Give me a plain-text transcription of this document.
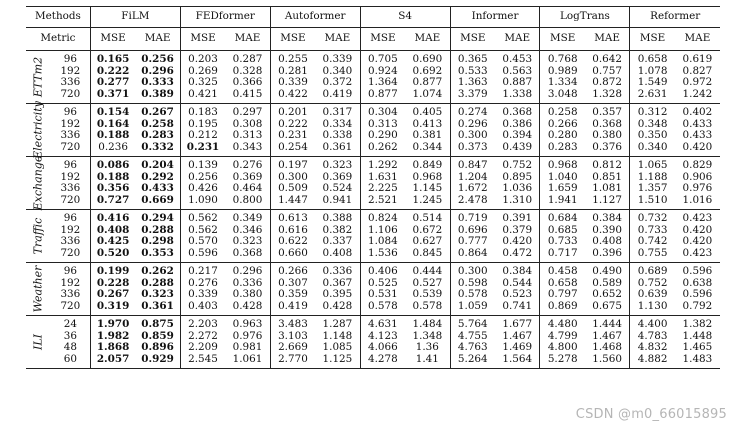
Methods		FiLM		FEDformer		Autoformer		S4		Informer		LogTrans		Reformer	
Metric		MSE	MAE	MSE	MAE	MSE	MAE	MSE	MAE	MSE	MAE	MSE	MAE	MSE	MAE

ETTm2	96	0.165	0.256	0.203	0.287	0.255	0.339	0.705	0.690	0.365	0.453	0.768	0.642	0.658	0.619
	192	0.222	0.296	0.269	0.328	0.281	0.340	0.924	0.692	0.533	0.563	0.989	0.757	1.078	0.827
	336	0.277	0.333	0.325	0.366	0.339	0.372	1.364	0.877	1.363	0.887	1.334	0.872	1.549	0.972
	720	0.371	0.389	0.421	0.415	0.422	0.419	0.877	1.074	3.379	1.338	3.048	1.328	2.631	1.242

Electricity	96	0.154	0.267	0.183	0.297	0.201	0.317	0.304	0.405	0.274	0.368	0.258	0.357	0.312	0.402
	192	0.164	0.258	0.195	0.308	0.222	0.334	0.313	0.413	0.296	0.386	0.266	0.368	0.348	0.433
	336	0.188	0.283	0.212	0.313	0.231	0.338	0.290	0.381	0.300	0.394	0.280	0.380	0.350	0.433
	720	0.236	0.332	0.231	0.343	0.254	0.361	0.262	0.344	0.373	0.439	0.283	0.376	0.340	0.420

Exchange	96	0.086	0.204	0.139	0.276	0.197	0.323	1.292	0.849	0.847	0.752	0.968	0.812	1.065	0.829
	192	0.188	0.292	0.256	0.369	0.300	0.369	1.631	0.968	1.204	0.895	1.040	0.851	1.188	0.906
	336	0.356	0.433	0.426	0.464	0.509	0.524	2.225	1.145	1.672	1.036	1.659	1.081	1.357	0.976
	720	0.727	0.669	1.090	0.800	1.447	0.941	2.521	1.245	2.478	1.310	1.941	1.127	1.510	1.016

Traffic	96	0.416	0.294	0.562	0.349	0.613	0.388	0.824	0.514	0.719	0.391	0.684	0.384	0.732	0.423
	192	0.408	0.288	0.562	0.346	0.616	0.382	1.106	0.672	0.696	0.379	0.685	0.390	0.733	0.420
	336	0.425	0.298	0.570	0.323	0.622	0.337	1.084	0.627	0.777	0.420	0.733	0.408	0.742	0.420
	720	0.520	0.353	0.596	0.368	0.660	0.408	1.536	0.845	0.864	0.472	0.717	0.396	0.755	0.423

Weather	96	0.199	0.262	0.217	0.296	0.266	0.336	0.406	0.444	0.300	0.384	0.458	0.490	0.689	0.596
	192	0.228	0.288	0.276	0.336	0.307	0.367	0.525	0.527	0.598	0.544	0.658	0.589	0.752	0.638
	336	0.267	0.323	0.339	0.380	0.359	0.395	0.531	0.539	0.578	0.523	0.797	0.652	0.639	0.596
	720	0.319	0.361	0.403	0.428	0.419	0.428	0.578	0.578	1.059	0.741	0.869	0.675	1.130	0.792

ILI	24	1.970	0.875	2.203	0.963	3.483	1.287	4.631	1.484	5.764	1.677	4.480	1.444	4.400	1.382
	36	1.982	0.859	2.272	0.976	3.103	1.148	4.123	1.348	4.755	1.467	4.799	1.467	4.783	1.448
	48	1.868	0.896	2.209	0.981	2.669	1.085	4.066	1.36	4.763	1.469	4.800	1.468	4.832	1.465
	60	2.057	0.929	2.545	1.061	2.770	1.125	4.278	1.41	5.264	1.564	5.278	1.560	4.882	1.483
CSDN @m0_66015895
